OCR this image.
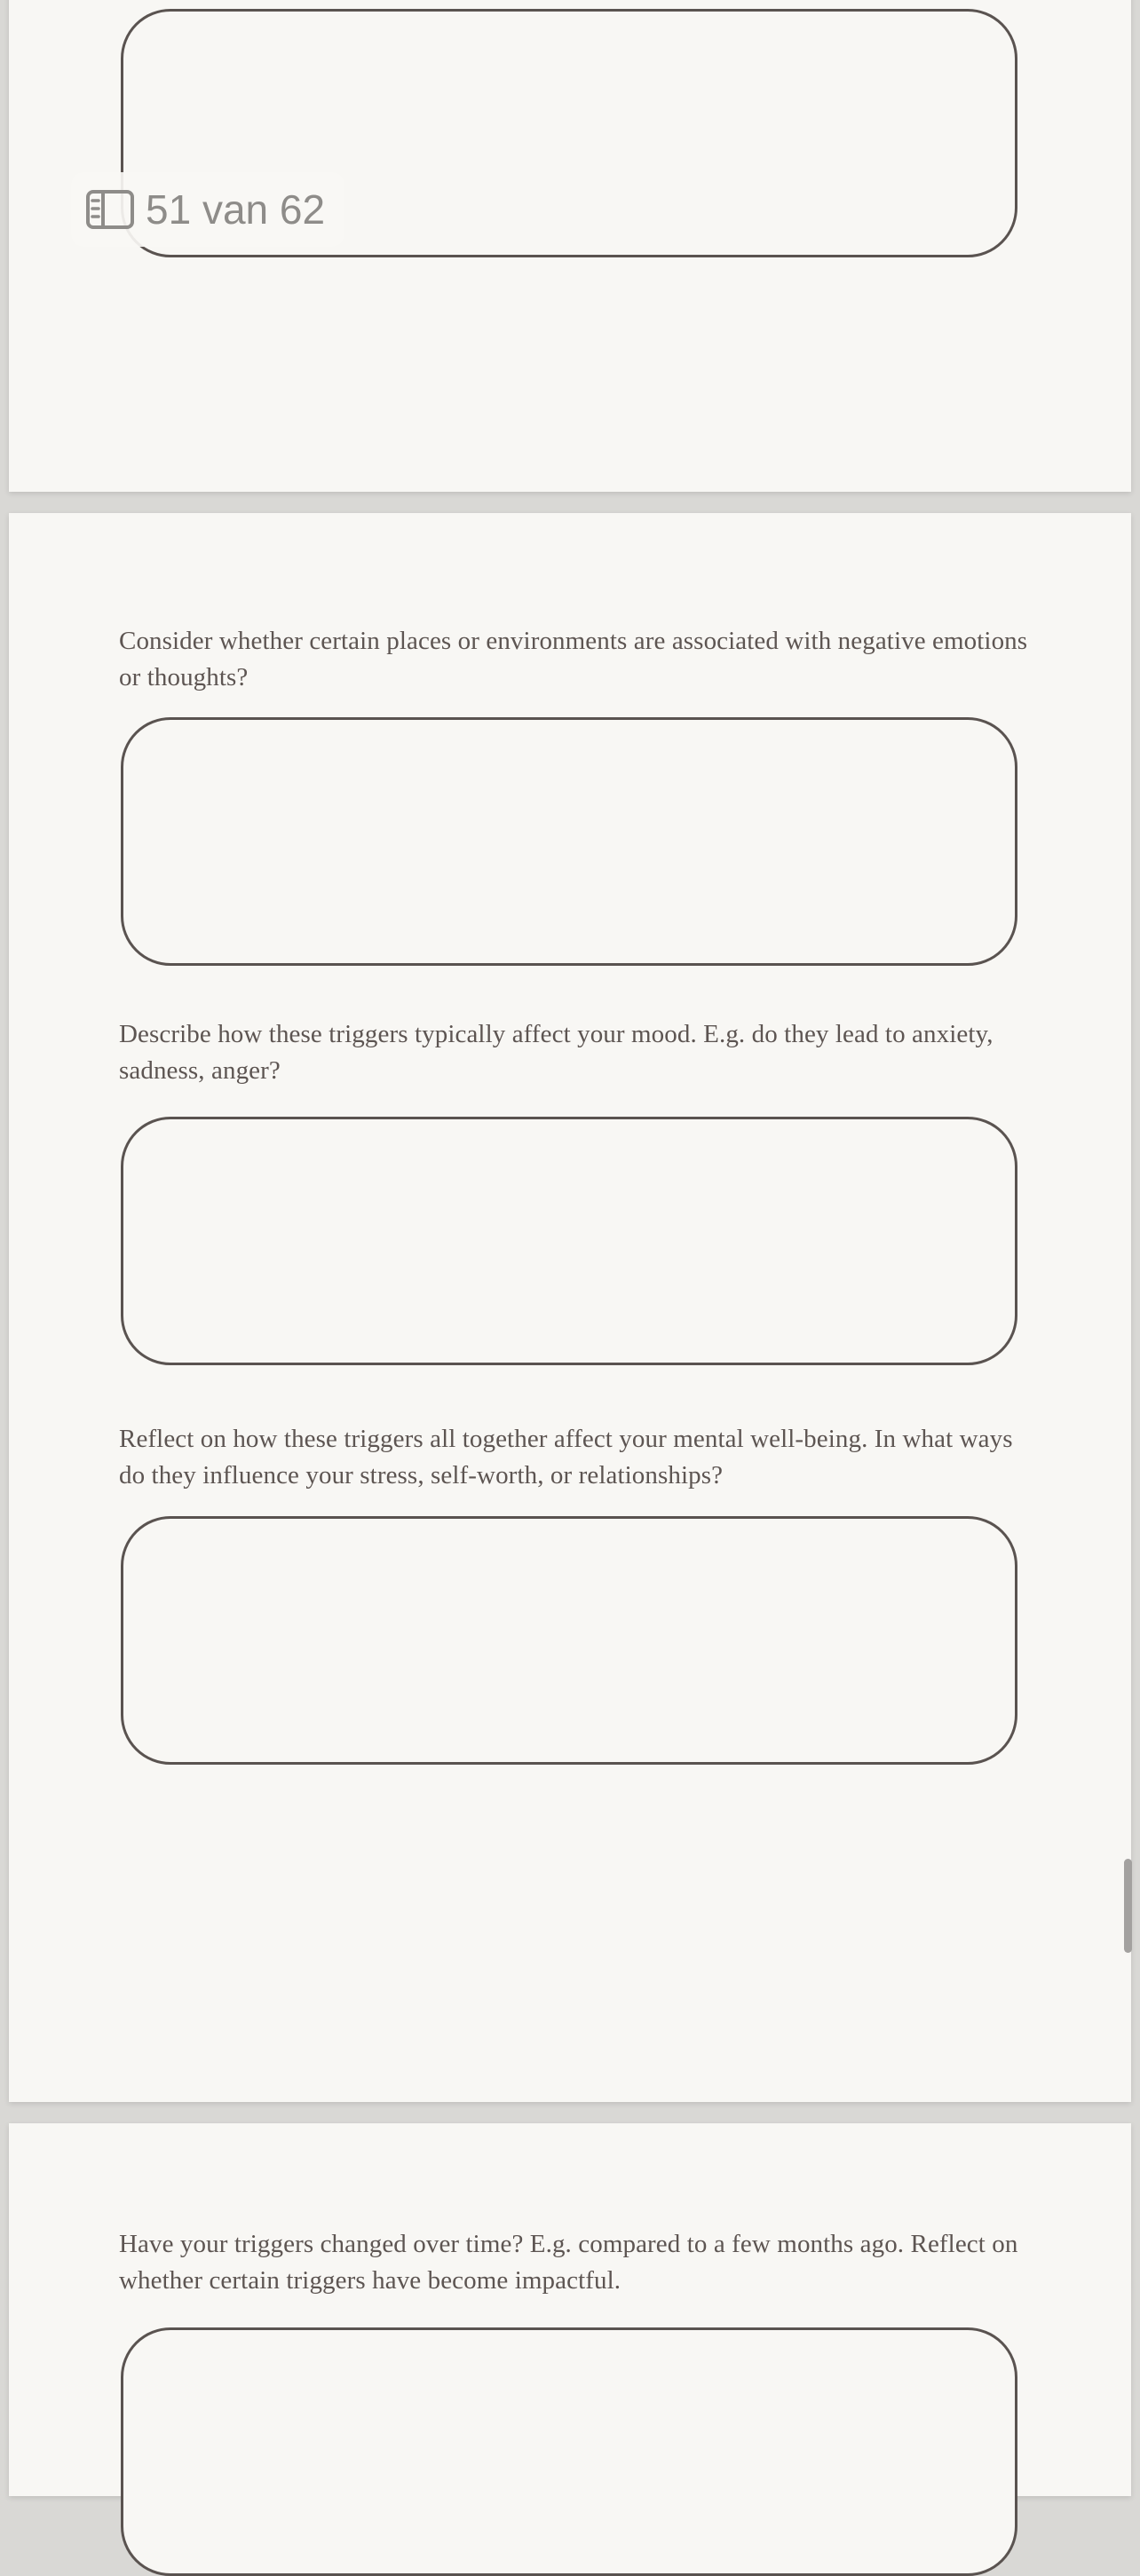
Consider whether certain places or environments are associated with negative emotions or thoughts?

Describe how these triggers typically affect your mood. E.g. do they lead to anxiety, sadness, anger?

Reflect on how these triggers all together affect your mental well-being. In what ways do they influence your stress, self-worth, or relationships?

Have your triggers changed over time? E.g. compared to a few months ago. Reflect on whether certain triggers have become impactful.

51 van 62
